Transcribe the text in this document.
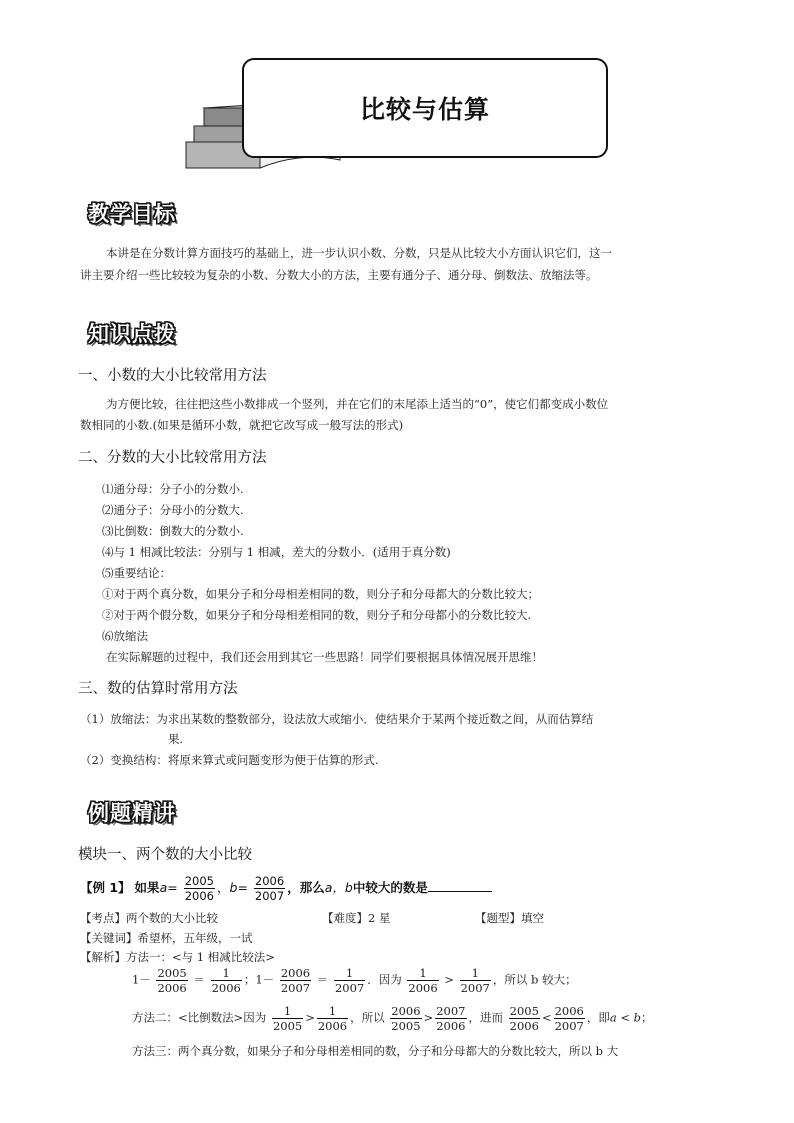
比较与估算
教学目标
本讲是在分数计算方面技巧的基础上，进一步认识小数、分数，只是从比较大小方面认识它们，这一
讲主要介绍一些比较较为复杂的小数、分数大小的方法，主要有通分子、通分母、倒数法、放缩法等。
知识点拨
一、小数的大小比较常用方法
为方便比较，往往把这些小数排成一个竖列，并在它们的末尾添上适当的“0”，使它们都变成小数位
数相同的小数.(如果是循环小数，就把它改写成一般写法的形式)
二、分数的大小比较常用方法
⑴通分母：分子小的分数小.
⑵通分子：分母小的分数大.
⑶比倒数：倒数大的分数小.
⑷与 1 相减比较法：分别与 1 相减，差大的分数小．(适用于真分数)
⑸重要结论：
①对于两个真分数，如果分子和分母相差相同的数，则分子和分母都大的分数比较大；
②对于两个假分数，如果分子和分母相差相同的数，则分子和分母都小的分数比较大.
⑹放缩法
在实际解题的过程中，我们还会用到其它一些思路！同学们要根据具体情况展开思维！
三、数的估算时常用方法
（1）放缩法：为求出某数的整数部分，设法放大或缩小．使结果介于某两个接近数之间，从而估算结
果.
（2）变换结构：将原来算式或问题变形为便于估算的形式.
例题精讲
模块一、两个数的大小比较
【例 1】 如果$a= \frac{2005}{2006}$ ，$b= \frac{2006}{2007}$ ，那么a，b中较大的数是
【考点】两个数的大小比较	【难度】2 星	【题型】填空
【关键词】希望杯，五年级，一试
【解析】方法一：<与 1 相减比较法>
$1- \frac{2005}{2006} = \frac{1}{2006}$ ；$1- \frac{2006}{2007} = \frac{1}{2007}$ ．因为 $\frac{1}{2006} > \frac{1}{2007}$ ，所以 b 较大；
方法二：<比倒数法>因为 $\frac{1}{2005} > \frac{1}{2006}$ ，所以 $\frac{2006}{2005} > \frac{2007}{2006}$ ，进而 $\frac{2005}{2006} < \frac{2006}{2007}$ ，即a < b；
方法三：两个真分数，如果分子和分母相差相同的数，分子和分母都大的分数比较大，所以 b 大
